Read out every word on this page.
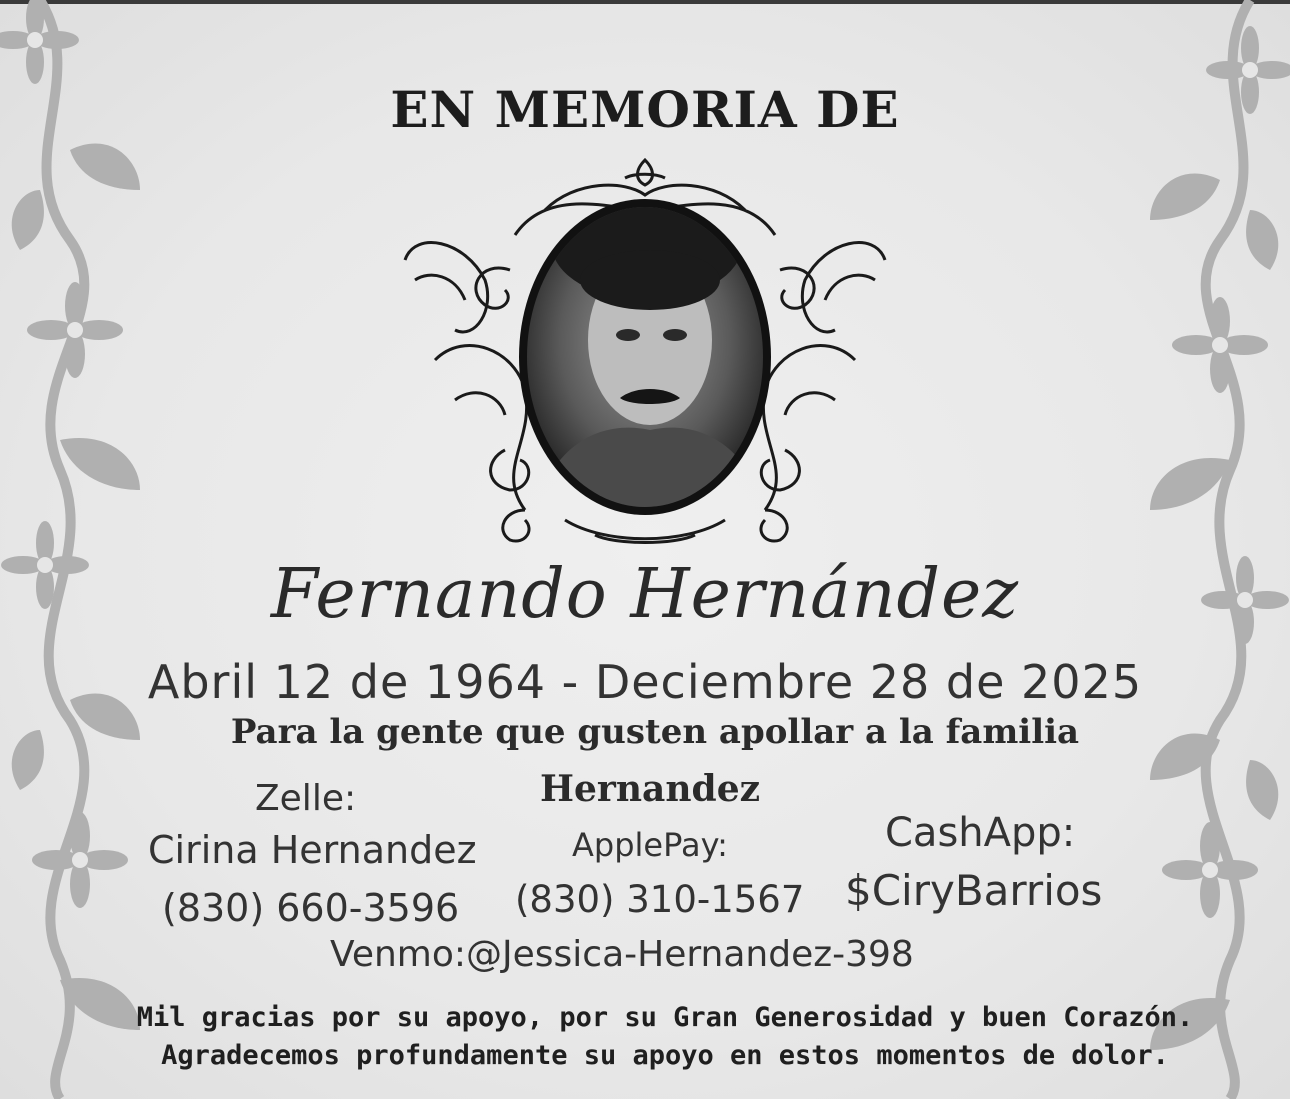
EN MEMORIA DE
Fernando Hernández
Abril 12 de 1964 - Deciembre 28 de 2025
Para la gente que gusten apollar a la familia
Zelle:
Cirina Hernandez
(830) 660-3596
Hernandez
ApplePay:
(830) 310-1567
CashApp:
$CiryBarrios
Venmo:@Jessica-Hernandez-398
Mil gracias por su apoyo, por su Gran Generosidad y buen Corazón.
Agradecemos profundamente su apoyo en estos momentos de dolor.
